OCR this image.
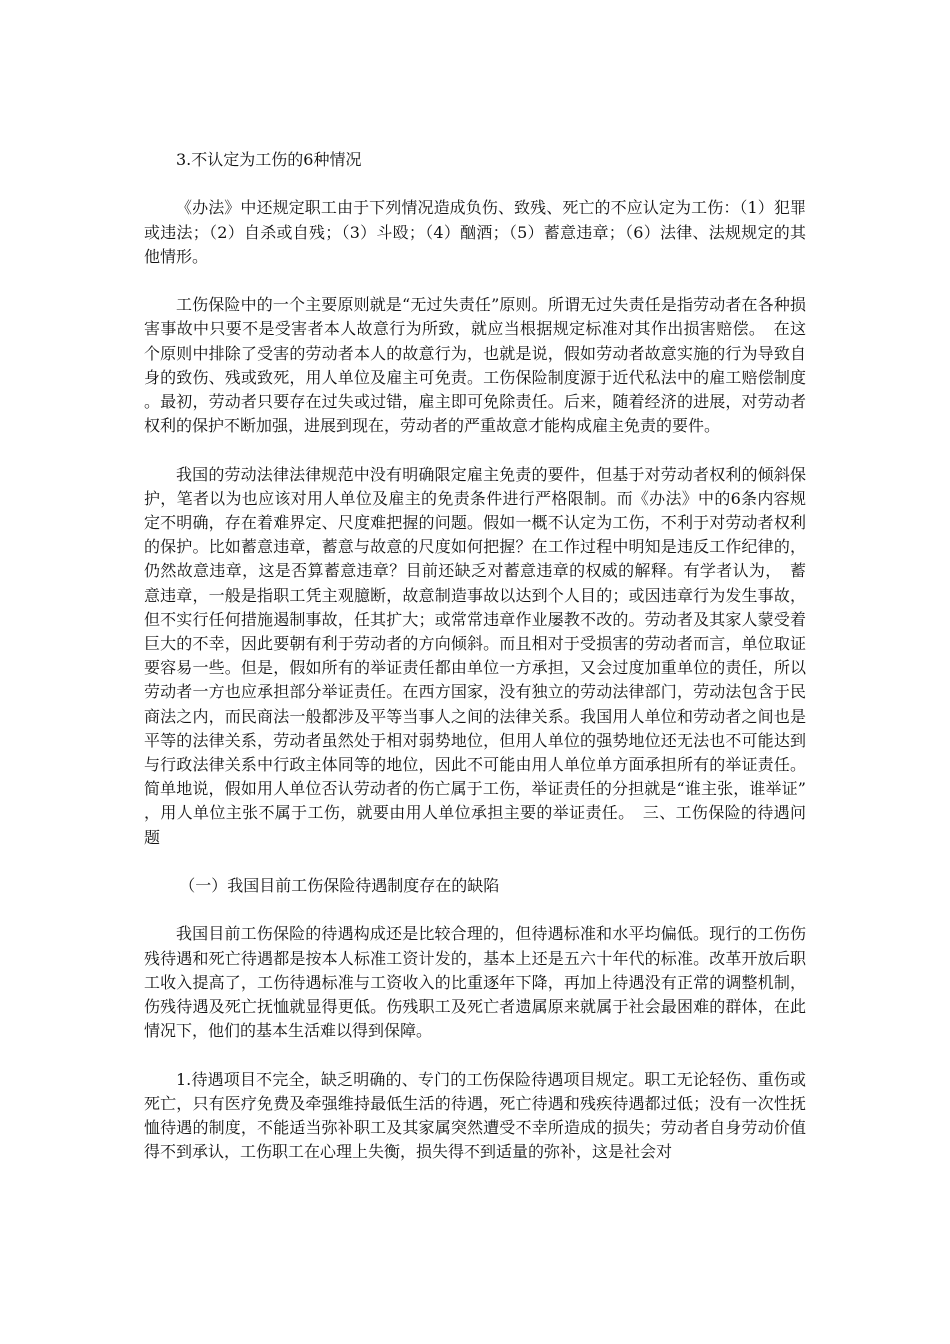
3.不认定为工伤的6种情况

《办法》中还规定职工由于下列情况造成负伤、致残、死亡的不应认定为工伤：（1）犯罪或违法；（2）自杀或自残；（3）斗殴；（4）酗酒；（5）蓄意违章；（6）法律、法规规定的其他情形。

工伤保险中的一个主要原则就是“无过失责任”原则。所谓无过失责任是指劳动者在各种损害事故中只要不是受害者本人故意行为所致，就应当根据规定标准对其作出损害赔偿。　在这个原则中排除了受害的劳动者本人的故意行为，也就是说，假如劳动者故意实施的行为导致自身的致伤、残或致死，用人单位及雇主可免责。工伤保险制度源于近代私法中的雇工赔偿制度。最初，劳动者只要存在过失或过错，雇主即可免除责任。后来，随着经济的进展，对劳动者权利的保护不断加强，进展到现在，劳动者的严重故意才能构成雇主免责的要件。

我国的劳动法律法律规范中没有明确限定雇主免责的要件，但基于对劳动者权利的倾斜保护，笔者以为也应该对用人单位及雇主的免责条件进行严格限制。而《办法》中的6条内容规定不明确，存在着难界定、尺度难把握的问题。假如一概不认定为工伤，不利于对劳动者权利的保护。比如蓄意违章，蓄意与故意的尺度如何把握？在工作过程中明知是违反工作纪律的，仍然故意违章，这是否算蓄意违章？目前还缺乏对蓄意违章的权威的解释。有学者认为，　蓄意违章，一般是指职工凭主观臆断，故意制造事故以达到个人目的；或因违章行为发生事故，但不实行任何措施遏制事故，任其扩大；或常常违章作业屡教不改的。劳动者及其家人蒙受着巨大的不幸，因此要朝有利于劳动者的方向倾斜。而且相对于受损害的劳动者而言，单位取证要容易一些。但是，假如所有的举证责任都由单位一方承担，又会过度加重单位的责任，所以劳动者一方也应承担部分举证责任。在西方国家，没有独立的劳动法律部门，劳动法包含于民商法之内，而民商法一般都涉及平等当事人之间的法律关系。我国用人单位和劳动者之间也是平等的法律关系，劳动者虽然处于相对弱势地位，但用人单位的强势地位还无法也不可能达到与行政法律关系中行政主体同等的地位，因此不可能由用人单位单方面承担所有的举证责任。简单地说，假如用人单位否认劳动者的伤亡属于工伤，举证责任的分担就是“谁主张，谁举证”，用人单位主张不属于工伤，就要由用人单位承担主要的举证责任。　三、工伤保险的待遇问题

（一）我国目前工伤保险待遇制度存在的缺陷

我国目前工伤保险的待遇构成还是比较合理的，但待遇标准和水平均偏低。现行的工伤伤残待遇和死亡待遇都是按本人标准工资计发的，基本上还是五六十年代的标准。改革开放后职工收入提高了，工伤待遇标准与工资收入的比重逐年下降，再加上待遇没有正常的调整机制，伤残待遇及死亡抚恤就显得更低。伤残职工及死亡者遗属原来就属于社会最困难的群体，在此情况下，他们的基本生活难以得到保障。

1.待遇项目不完全，缺乏明确的、专门的工伤保险待遇项目规定。职工无论轻伤、重伤或死亡，只有医疗免费及牵强维持最低生活的待遇，死亡待遇和残疾待遇都过低；没有一次性抚恤待遇的制度，不能适当弥补职工及其家属突然遭受不幸所造成的损失；劳动者自身劳动价值得不到承认，工伤职工在心理上失衡，损失得不到适量的弥补，这是社会对
